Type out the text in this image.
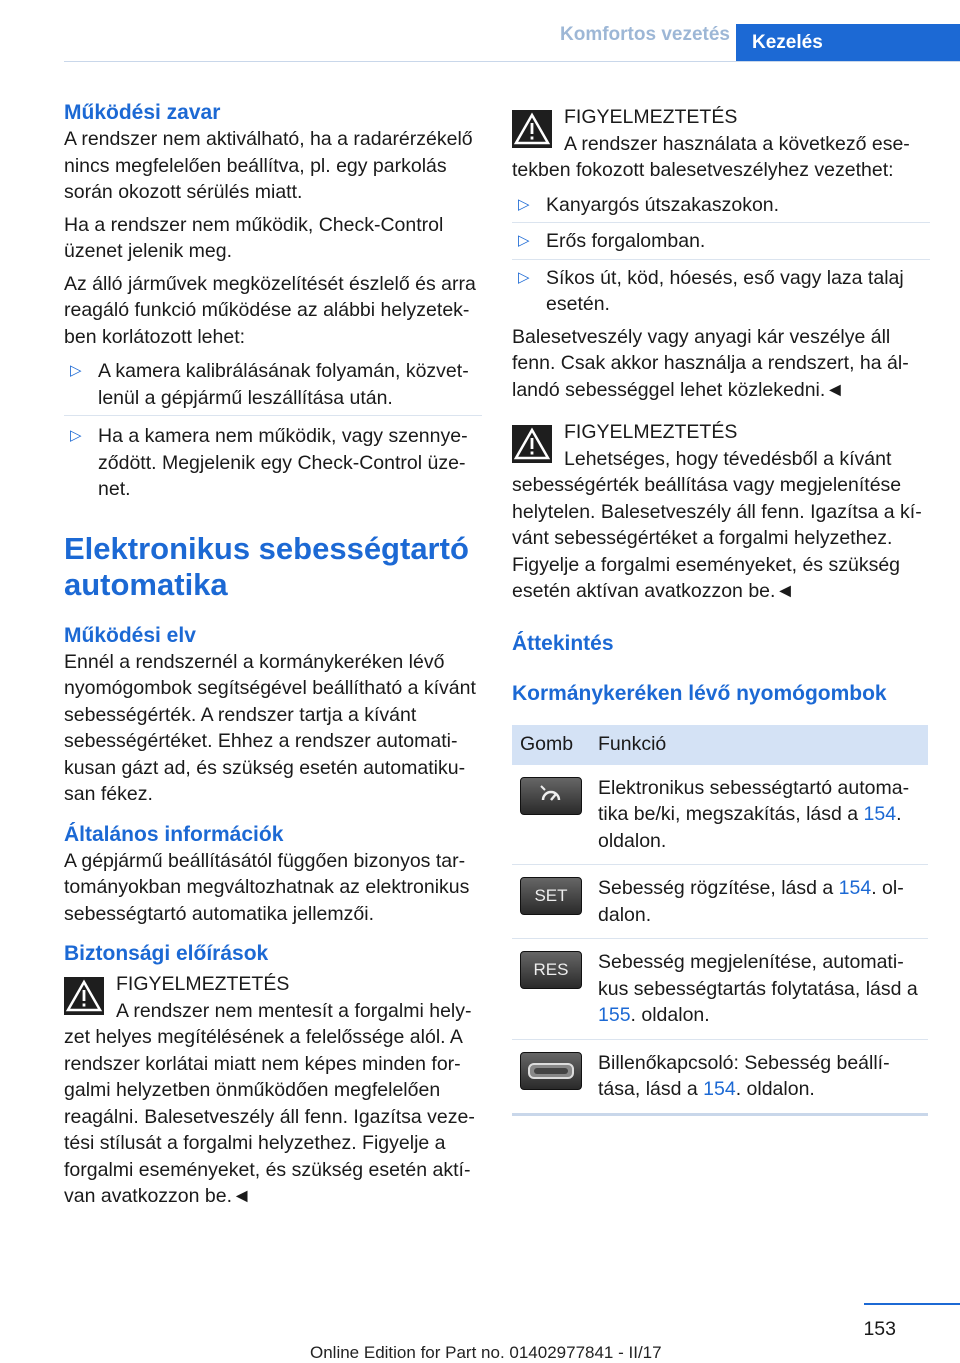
Komfortos vezetés	Kezelés
Működési zavar

A rendszer nem aktiválható, ha a radarérzékelő nincs megfelelően beállítva, pl. egy parkolás során okozott sérülés miatt.

Ha a rendszer nem működik, Check-Control üzenet jelenik meg.

Az álló járművek megközelítését észlelő és arra reagáló funkció működése az alábbi helyzetekben korlátozott lehet:

▷ A kamera kalibrálásának folyamán, közvetlenül a gépjármű leszállítása után.
▷ Ha a kamera nem működik, vagy szennyeződött. Megjelenik egy Check-Control üzenet.
Elektronikus sebességtartó automatika
Működési elv

Ennél a rendszernél a kormánykeréken lévő nyomógombok segítségével beállítható a kívánt sebességérték. A rendszer tartja a kívánt sebességértéket. Ehhez a rendszer automatikusan gázt ad, és szükség esetén automatikusan fékez.

Általános információk

A gépjármű beállításától függően bizonyos tartományokban megváltozhatnak az elektronikus sebességtartó automatika jellemzői.

Biztonsági előírások
FIGYELMEZTETÉS

A rendszer nem mentesít a forgalmi helyzet helyes megítélésének a felelőssége alól. A rendszer korlátai miatt nem képes minden forgalmi helyzetben önműködően megfelelően reagálni. Balesetveszély áll fenn. Igazítsa vezetési stílusát a forgalmi helyzethez. Figyelje a forgalmi eseményeket, és szükség esetén aktívan avatkozzon be.◄

FIGYELMEZTETÉS

A rendszer használata a következő esetekben fokozott balesetveszélyhez vezethet:

▷ Kanyargós útszakaszokon.
▷ Erős forgalomban.
▷ Síkos út, köd, hóesés, eső vagy laza talaj esetén.

Balesetveszély vagy anyagi kár veszélye áll fenn. Csak akkor használja a rendszert, ha állandó sebességgel lehet közlekedni.◄

FIGYELMEZTETÉS

Lehetséges, hogy tévedésből a kívánt sebességérték beállítása vagy megjelenítése helytelen. Balesetveszély áll fenn. Igazítsa a kívánt sebességértéket a forgalmi helyzethez. Figyelje a forgalmi eseményeket, és szükség esetén aktívan avatkozzon be.◄

Áttekintés
Kormánykeréken lévő nyomógombok
Gomb	Funkció

	Elektronikus sebességtartó automatika be/ki, megszakítás, lásd a 154. oldalon.

SET	Sebesség rögzítése, lásd a 154. oldalon.

RES	Sebesség megjelenítése, automatikus sebességtartás folytatása, lásd a 155. oldalon.

	Billenőkapcsoló: Sebesség beállítása, lásd a 154. oldalon.
153
Online Edition for Part no. 01402977841 - II/17
